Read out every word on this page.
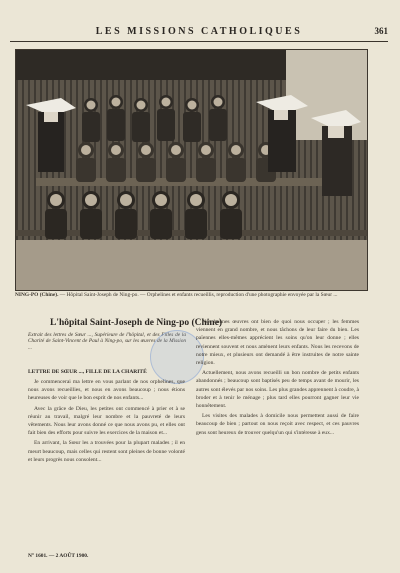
LES MISSIONS CATHOLIQUES	361
NING-PO (Chine). — Hôpital Saint-Joseph de Ning-po. — Orphelines et enfants recueillis, reproduction d'une photographie envoyée par la Sœur ...
L'hôpital Saint-Joseph de Ning-po (Chine)
Extrait des lettres de Sœur ..., Supérieure de l'hôpital, et des Filles de la Charité de Saint-Vincent de Paul à Ning-po, sur les œuvres de la Mission ...
LETTRE DE SŒUR ..., FILLE DE LA CHARITÉ

Je commencerai ma lettre en vous parlant de nos orphelines, que nous avons recueillies, et nous en avons beaucoup ; nous étions heureuses de voir que le bon esprit de nos enfants...

Avec la grâce de Dieu, les petites ont commencé à prier et à se réunir au travail, malgré leur nombre et la pauvreté de leurs vêtements. Nous leur avons donné ce que nous avons pu, et elles ont fait bien des efforts pour suivre les exercices de la maison et...

En arrivant, la Sœur les a trouvées pour la plupart malades ; il en meurt beaucoup, mais celles qui restent sont pleines de bonne volonté et leurs progrès nous consolent...

Nos bonnes œuvres ont bien de quoi nous occuper ; les femmes viennent en grand nombre, et nous tâchons de leur faire du bien. Les païennes elles-mêmes apprécient les soins qu'on leur donne ; elles reviennent souvent et nous amènent leurs enfants. Nous les recevons de notre mieux, et plusieurs ont demandé à être instruites de notre sainte religion.

Actuellement, nous avons recueilli un bon nombre de petits enfants abandonnés ; beaucoup sont baptisés peu de temps avant de mourir, les autres sont élevés par nos soins. Les plus grandes apprennent à coudre, à broder et à tenir le ménage ; plus tard elles pourront gagner leur vie honnêtement.

Les visites des malades à domicile nous permettent aussi de faire beaucoup de bien ; partout on nous reçoit avec respect, et ces pauvres gens sont heureux de trouver quelqu'un qui s'intéresse à eux...

N° 1601. — 2 AOÛT 1900.
